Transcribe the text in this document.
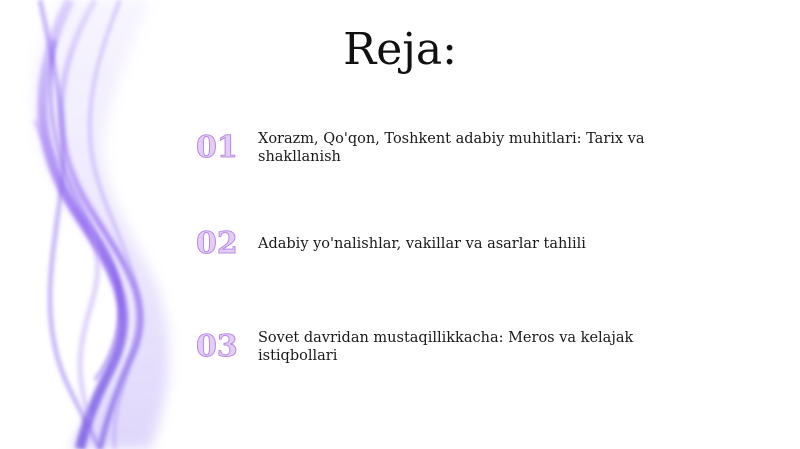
Reja:
01	Xorazm, Qo'qon, Toshkent adabiy muhitlari: Tarix va shakllanish
02	Adabiy yo'nalishlar, vakillar va asarlar tahlili
03	Sovet davridan mustaqillikkacha: Meros va kelajak istiqbollari
